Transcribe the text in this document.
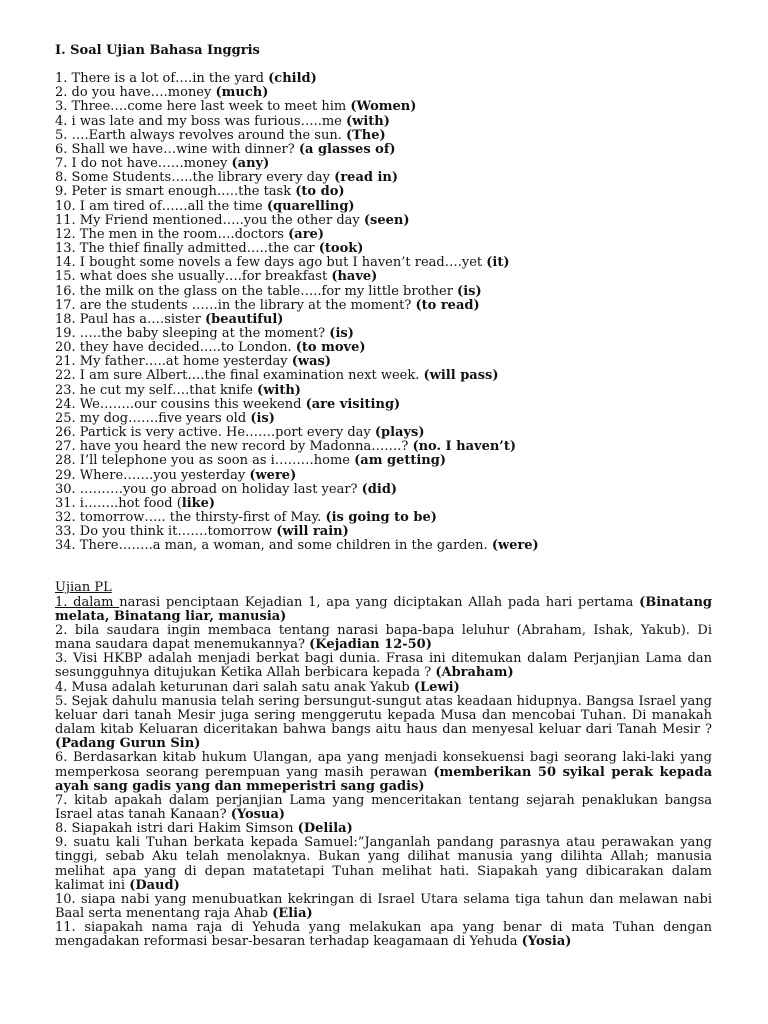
I. Soal Ujian Bahasa Inggris

1. There is a lot of….in the yard (child)

2. do you have….money (much)

3. Three….come here last week to meet him (Women)

4. i was late and my boss was furious…..me (with)

5. ….Earth always revolves around the sun. (The)

6. Shall we have…wine with dinner? (a glasses of)

7. I do not have……money (any)

8. Some Students…..the library every day (read in)

9. Peter is smart enough…..the task (to do)

10. I am tired of……all the time (quarelling)

11. My Friend mentioned…..you the other day (seen)

12. The men in the room….doctors (are)

13. The thief finally admitted…..the car (took)

14. I bought some novels a few days ago but I haven’t read….yet (it)

15. what does she usually….for breakfast (have)

16. the milk on the glass on the table…..for my little brother (is)

17. are the students ……in the library at the moment? (to read)

18. Paul has a….sister (beautiful)

19. …..the baby sleeping at the moment? (is)

20. they have decided…..to London. (to move)

21. My father…..at home yesterday (was)

22. I am sure Albert….the final examination next week. (will pass)

23. he cut my self….that knife (with)

24. We……..our cousins this weekend (are visiting)

25. my dog…….five years old (is)

26. Partick is very active. He…….port every day (plays)

27. have you heard the new record by Madonna…….? (no. I haven’t)

28. I’ll telephone you as soon as i………home (am getting)

29. Where…….you yesterday (were)

30. ……….you go abroad on holiday last year? (did)

31. i……..hot food (like)

32. tomorrow….. the thirsty-first of May. (is going to be)

33. Do you think it…….tomorrow (will rain)

34. There……..a man, a woman, and some children in the garden. (were)

Ujian PL

1. dalam narasi penciptaan Kejadian 1, apa yang diciptakan Allah pada hari pertama (Binatang melata, Binatang liar, manusia)

2. bila saudara ingin membaca tentang narasi bapa-bapa leluhur (Abraham, Ishak, Yakub). Di mana saudara dapat menemukannya? (Kejadian 12-50)

3. Visi HKBP adalah menjadi berkat bagi dunia. Frasa ini ditemukan dalam Perjanjian Lama dan sesungguhnya ditujukan Ketika Allah berbicara kepada ? (Abraham)

4. Musa adalah keturunan dari salah satu anak Yakub (Lewi)

5. Sejak dahulu manusia telah sering bersungut-sungut atas keadaan hidupnya. Bangsa Israel yang keluar dari tanah Mesir juga sering menggerutu kepada Musa dan mencobai Tuhan. Di manakah dalam kitab Keluaran diceritakan bahwa bangs aitu haus dan menyesal keluar dari Tanah Mesir ? (Padang Gurun Sin)

6. Berdasarkan kitab hukum Ulangan, apa yang menjadi konsekuensi bagi seorang laki-laki yang memperkosa seorang perempuan yang masih perawan (memberikan 50 syikal perak kepada ayah sang gadis yang dan mmeperistri sang gadis)

7. kitab apakah dalam perjanjian Lama yang menceritakan tentang sejarah penaklukan bangsa Israel atas tanah Kanaan? (Yosua)

8. Siapakah istri dari Hakim Simson (Delila)

9. suatu kali Tuhan berkata kepada Samuel:”Janganlah pandang parasnya atau perawakan yang tinggi, sebab Aku telah menolaknya. Bukan yang dilihat manusia yang dilihta Allah; manusia melihat apa yang di depan matatetapi Tuhan melihat hati. Siapakah yang dibicarakan dalam kalimat ini (Daud)

10. siapa nabi yang menubuatkan kekringan di Israel Utara selama tiga tahun dan melawan nabi Baal serta menentang raja Ahab (Elia)

11. siapakah nama raja di Yehuda yang melakukan apa yang benar di mata Tuhan dengan mengadakan reformasi besar-besaran terhadap keagamaan di Yehuda (Yosia)
